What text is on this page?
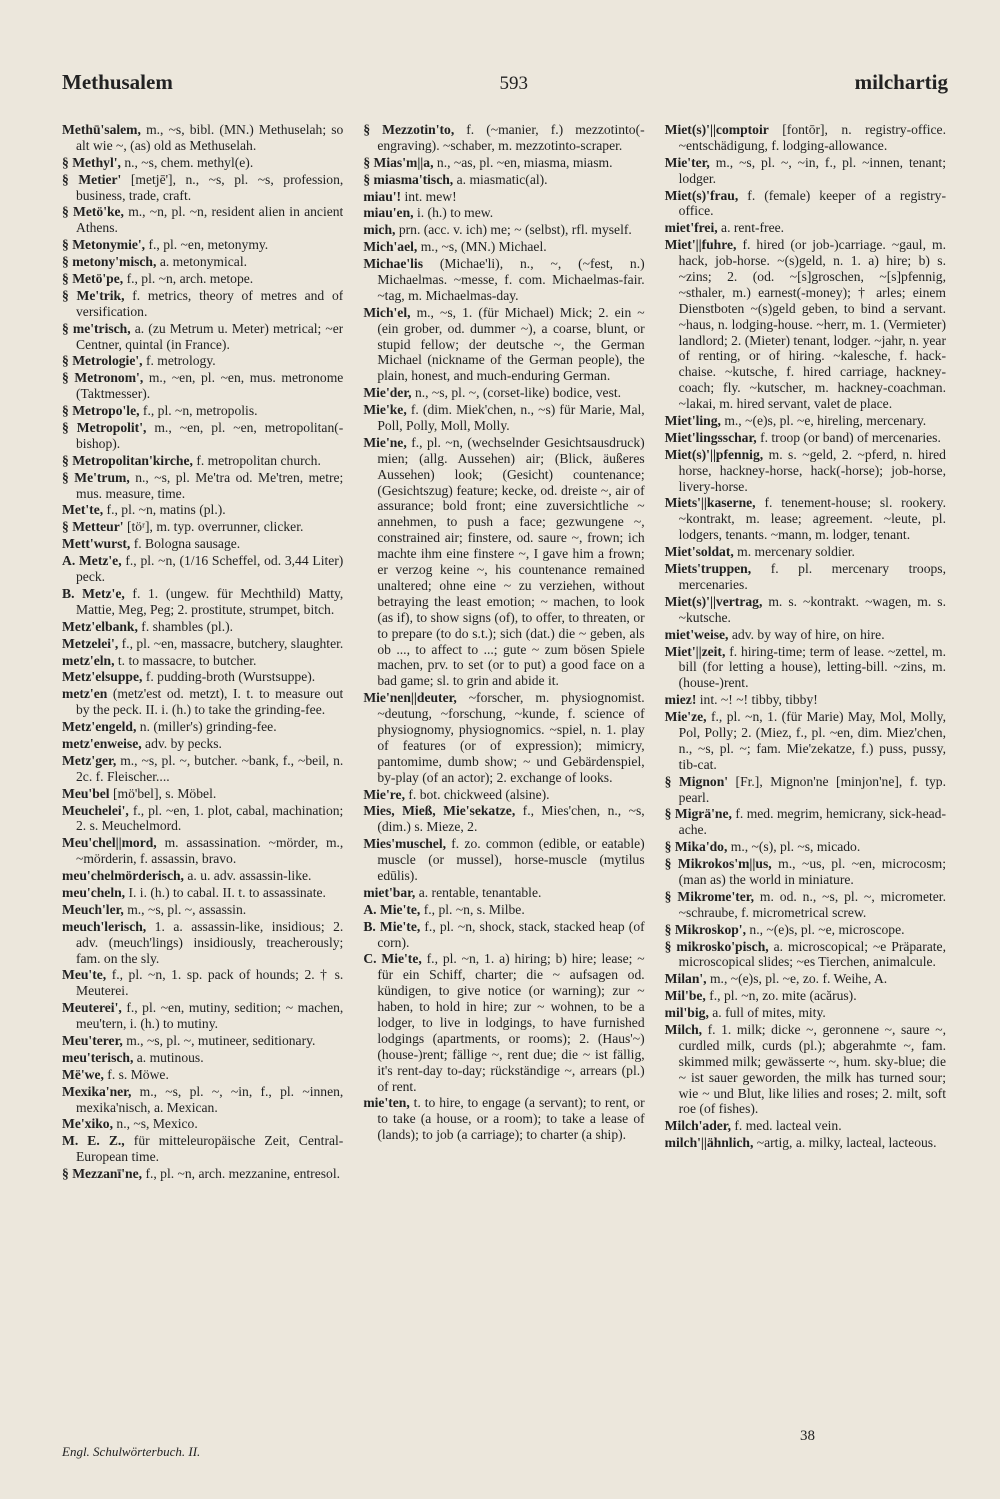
Methusalem	593	milchartig

Methū'salem, m., ~s, bibl. (MN.) Methuselah; so alt wie ~, (as) old as Methuselah.

§ Methyl', n., ~s, chem. methyl(e).

§ Metier' [metjē'], n., ~s, pl. ~s, profession, business, trade, craft.

§ Metö'ke, m., ~n, pl. ~n, resident alien in ancient Athens.

§ Metonymie', f., pl. ~en, metonymy.

§ metony'misch, a. metonymical.

§ Metö'pe, f., pl. ~n, arch. metope.

§ Me'trik, f. metrics, theory of metres and of versification.

§ me'trisch, a. (zu Metrum u. Meter) metrical; ~er Centner, quintal (in France).

§ Metrologie', f. metrology.

§ Metronom', m., ~en, pl. ~en, mus. metronome (Taktmesser).

§ Metropo'le, f., pl. ~n, metropolis.

§ Metropolit', m., ~en, pl. ~en, metropolitan(-bishop).

§ Metropolitan'kirche, f. metropolitan church.

§ Me'trum, n., ~s, pl. Me'tra od. Me'tren, metre; mus. measure, time.

Met'te, f., pl. ~n, matins (pl.).

§ Metteur' [töʳ], m. typ. overrunner, clicker.

Mett'wurst, f. Bologna sausage.

A. Metz'e, f., pl. ~n, (1/16 Scheffel, od. 3,44 Liter) peck.

B. Metz'e, f. 1. (ungew. für Mechthild) Matty, Mattie, Meg, Peg; 2. prostitute, strumpet, bitch.

Metz'elbank, f. shambles (pl.).

Metzelei', f., pl. ~en, massacre, butchery, slaughter.

metz'eln, t. to massacre, to butcher.

Metz'elsuppe, f. pudding-broth (Wurstsuppe).

metz'en (metz'est od. metzt), I. t. to measure out by the peck. II. i. (h.) to take the grinding-fee.

Metz'engeld, n. (miller's) grinding-fee.

metz'enweise, adv. by pecks.

Metz'ger, m., ~s, pl. ~, butcher. ~bank, f., ~beil, n. 2c. f. Fleischer....

Meu'bel [mö'bel], s. Möbel.

Meuchelei', f., pl. ~en, 1. plot, cabal, machination; 2. s. Meuchelmord.

Meu'chel||mord, m. assassination. ~mörder, m., ~mörderin, f. assassin, bravo.

meu'chelmörderisch, a. u. adv. assassin-like.

meu'cheln, I. i. (h.) to cabal. II. t. to assassinate.

Meuch'ler, m., ~s, pl. ~, assassin.

meuch'lerisch, 1. a. assassin-like, insidious; 2. adv. (meuch'lings) insidiously, treacherously; fam. on the sly.

Meu'te, f., pl. ~n, 1. sp. pack of hounds; 2. † s. Meuterei.

Meuterei', f., pl. ~en, mutiny, sedition; ~ machen, meu'tern, i. (h.) to mutiny.

Meu'terer, m., ~s, pl. ~, mutineer, seditionary.

meu'terisch, a. mutinous.

Më'we, f. s. Möwe.

Mexika'ner, m., ~s, pl. ~, ~in, f., pl. ~innen, mexika'nisch, a. Mexican.

Me'xiko, n., ~s, Mexico.

M. E. Z., für mitteleuropäische Zeit, Central-European time.

§ Mezzanī'ne, f., pl. ~n, arch. mezzanine, entresol.

§ Mezzotin'to, f. (~manier, f.) mezzotinto(-engraving). ~schaber, m. mezzotinto-scraper.

§ Mias'm||a, n., ~as, pl. ~en, miasma, miasm.

§ miasma'tisch, a. miasmatic(al).

miau'! int. mew!

miau'en, i. (h.) to mew.

mich, prn. (acc. v. ich) me; ~ (selbst), rfl. myself.

Mich'ael, m., ~s, (MN.) Michael.

Michae'lis (Michae'li), n., ~, (~fest, n.) Michaelmas. ~messe, f. com. Michaelmas-fair. ~tag, m. Michaelmas-day.

Mich'el, m., ~s, 1. (für Michael) Mick; 2. ein ~ (ein grober, od. dummer ~), a coarse, blunt, or stupid fellow; der deutsche ~, the German Michael (nickname of the German people), the plain, honest, and much-enduring German.

Mie'der, n., ~s, pl. ~, (corset-like) bodice, vest.

Mie'ke, f. (dim. Miek'chen, n., ~s) für Marie, Mal, Poll, Polly, Moll, Molly.

Mie'ne, f., pl. ~n, (wechselnder Gesichtsausdruck) mien; (allg. Aussehen) air; (Blick, äußeres Aussehen) look; (Gesicht) countenance; (Gesichtszug) feature; kecke, od. dreiste ~, air of assurance; bold front; eine zuversichtliche ~ annehmen, to push a face; gezwungene ~, constrained air; finstere, od. saure ~, frown; ich machte ihm eine finstere ~, I gave him a frown; er verzog keine ~, his countenance remained unaltered; ohne eine ~ zu verziehen, without betraying the least emotion; ~ machen, to look (as if), to show signs (of), to offer, to threaten, or to prepare (to do s.t.); sich (dat.) die ~ geben, als ob ..., to affect to ...; gute ~ zum bösen Spiele machen, prv. to set (or to put) a good face on a bad game; sl. to grin and abide it.

Mie'nen||deuter, ~forscher, m. physiognomist. ~deutung, ~forschung, ~kunde, f. science of physiognomy, physiognomics. ~spiel, n. 1. play of features (or of expression); mimicry, pantomime, dumb show; ~ und Gebärdenspiel, by-play (of an actor); 2. exchange of looks.

Mie're, f. bot. chickweed (alsine).

Mies, Mieß, Mie'sekatze, f., Mies'chen, n., ~s, (dim.) s. Mieze, 2.

Mies'muschel, f. zo. common (edible, or eatable) muscle (or mussel), horse-muscle (mytilus edūlis).

miet'bar, a. rentable, tenantable.

A. Mie'te, f., pl. ~n, s. Milbe.

B. Mie'te, f., pl. ~n, shock, stack, stacked heap (of corn).

C. Mie'te, f., pl. ~n, 1. a) hiring; b) hire; lease; ~ für ein Schiff, charter; die ~ aufsagen od. kündigen, to give notice (or warning); zur ~ haben, to hold in hire; zur ~ wohnen, to be a lodger, to live in lodgings, to have furnished lodgings (apartments, or rooms); 2. (Haus'~) (house-)rent; fällige ~, rent due; die ~ ist fällig, it's rent-day to-day; rückständige ~, arrears (pl.) of rent.

mie'ten, t. to hire, to engage (a servant); to rent, or to take (a house, or a room); to take a lease of (lands); to job (a carriage); to charter (a ship).

Miet(s)'||comptoir [fontōr], n. registry-office. ~entschädigung, f. lodging-allowance.

Mie'ter, m., ~s, pl. ~, ~in, f., pl. ~innen, tenant; lodger.

Miet(s)'frau, f. (female) keeper of a registry-office.

miet'frei, a. rent-free.

Miet'||fuhre, f. hired (or job-)carriage. ~gaul, m. hack, job-horse. ~(s)geld, n. 1. a) hire; b) s. ~zins; 2. (od. ~[s]groschen, ~[s]pfennig, ~sthaler, m.) earnest(-money); † arles; einem Dienstboten ~(s)geld geben, to bind a servant. ~haus, n. lodging-house. ~herr, m. 1. (Vermieter) landlord; 2. (Mieter) tenant, lodger. ~jahr, n. year of renting, or of hiring. ~kalesche, f. hack-chaise. ~kutsche, f. hired carriage, hackney-coach; fly. ~kutscher, m. hackney-coachman. ~lakai, m. hired servant, valet de place.

Miet'ling, m., ~(e)s, pl. ~e, hireling, mercenary.

Miet'lingsschar, f. troop (or band) of mercenaries.

Miet(s)'||pfennig, m. s. ~geld, 2. ~pferd, n. hired horse, hackney-horse, hack(-horse); job-horse, livery-horse.

Miets'||kaserne, f. tenement-house; sl. rookery. ~kontrakt, m. lease; agreement. ~leute, pl. lodgers, tenants. ~mann, m. lodger, tenant.

Miet'soldat, m. mercenary soldier.

Miets'truppen, f. pl. mercenary troops, mercenaries.

Miet(s)'||vertrag, m. s. ~kontrakt. ~wagen, m. s. ~kutsche.

miet'weise, adv. by way of hire, on hire.

Miet'||zeit, f. hiring-time; term of lease. ~zettel, m. bill (for letting a house), letting-bill. ~zins, m. (house-)rent.

miez! int. ~! ~! tibby, tibby!

Mie'ze, f., pl. ~n, 1. (für Marie) May, Mol, Molly, Pol, Polly; 2. (Miez, f., pl. ~en, dim. Miez'chen, n., ~s, pl. ~; fam. Mie'zekatze, f.) puss, pussy, tib-cat.

§ Mignon' [Fr.], Mignon'ne [minjon'ne], f. typ. pearl.

§ Migrä'ne, f. med. megrim, hemicrany, sick-head-ache.

§ Mika'do, m., ~(s), pl. ~s, micado.

§ Mikrokos'm||us, m., ~us, pl. ~en, microcosm; (man as) the world in miniature.

§ Mikrome'ter, m. od. n., ~s, pl. ~, micrometer. ~schraube, f. micrometrical screw.

§ Mikroskop', n., ~(e)s, pl. ~e, microscope.

§ mikrosko'pisch, a. microscopical; ~e Präparate, microscopical slides; ~es Tierchen, animalcule.

Milan', m., ~(e)s, pl. ~e, zo. f. Weihe, A.

Mil'be, f., pl. ~n, zo. mite (acărus).

mil'big, a. full of mites, mity.

Milch, f. 1. milk; dicke ~, geronnene ~, saure ~, curdled milk, curds (pl.); abgerahmte ~, fam. skimmed milk; gewässerte ~, hum. sky-blue; die ~ ist sauer geworden, the milk has turned sour; wie ~ und Blut, like lilies and roses; 2. milt, soft roe (of fishes).

Milch'ader, f. med. lacteal vein.

milch'||ähnlich, ~artig, a. milky, lacteal, lacteous.

Engl. Schulwörterbuch. II.
38
